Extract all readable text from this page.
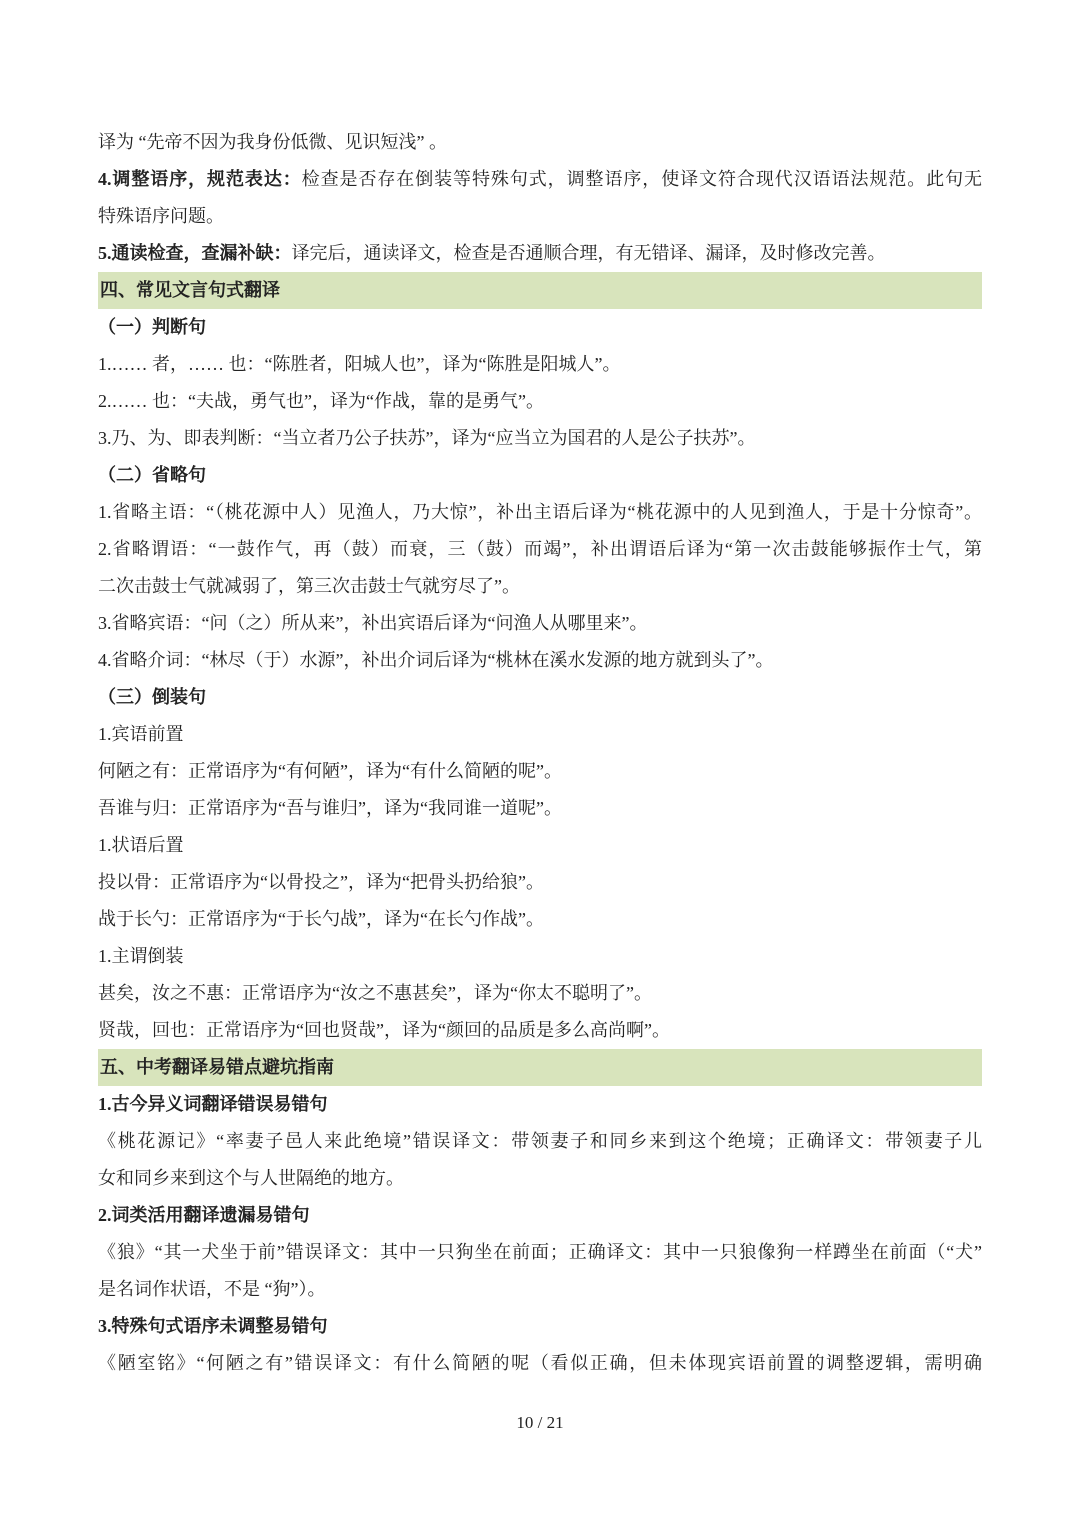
译为 “先帝不因为我身份低微、见识短浅” 。
4.调整语序，规范表达：检查是否存在倒装等特殊句式，调整语序，使译文符合现代汉语语法规范。此句无
特殊语序问题。
5.通读检查，查漏补缺：译完后，通读译文，检查是否通顺合理，有无错译、漏译，及时修改完善。
四、常见文言句式翻译
（一）判断句
1.…… 者，…… 也：“陈胜者，阳城人也”，译为“陈胜是阳城人”。
2.…… 也：“夫战，勇气也”，译为“作战，靠的是勇气”。
3.乃、为、即表判断：“当立者乃公子扶苏”，译为“应当立为国君的人是公子扶苏”。
（二）省略句
1.省略主语：“（桃花源中人）见渔人，乃大惊”，补出主语后译为“桃花源中的人见到渔人，于是十分惊奇”。
2.省略谓语：“一鼓作气，再（鼓）而衰，三（鼓）而竭”，补出谓语后译为“第一次击鼓能够振作士气，第
二次击鼓士气就减弱了，第三次击鼓士气就穷尽了”。
3.省略宾语：“问（之）所从来”，补出宾语后译为“问渔人从哪里来”。
4.省略介词：“林尽（于）水源”，补出介词后译为“桃林在溪水发源的地方就到头了”。
（三）倒装句
1.宾语前置
何陋之有：正常语序为“有何陋”，译为“有什么简陋的呢”。
吾谁与归：正常语序为“吾与谁归”，译为“我同谁一道呢”。
1.状语后置
投以骨：正常语序为“以骨投之”，译为“把骨头扔给狼”。
战于长勺：正常语序为“于长勺战”，译为“在长勺作战”。
1.主谓倒装
甚矣，汝之不惠：正常语序为“汝之不惠甚矣”，译为“你太不聪明了”。
贤哉，回也：正常语序为“回也贤哉”，译为“颜回的品质是多么高尚啊”。
五、中考翻译易错点避坑指南
1.古今异义词翻译错误易错句
《桃花源记》“率妻子邑人来此绝境”错误译文：带领妻子和同乡来到这个绝境；正确译文：带领妻子儿
女和同乡来到这个与人世隔绝的地方。
2.词类活用翻译遗漏易错句
《狼》“其一犬坐于前”错误译文：其中一只狗坐在前面；正确译文：其中一只狼像狗一样蹲坐在前面（“犬”
是名词作状语，不是 “狗”）。
3.特殊句式语序未调整易错句
《陋室铭》“何陋之有”错误译文：有什么简陋的呢（看似正确，但未体现宾语前置的调整逻辑，需明确
10 / 21
